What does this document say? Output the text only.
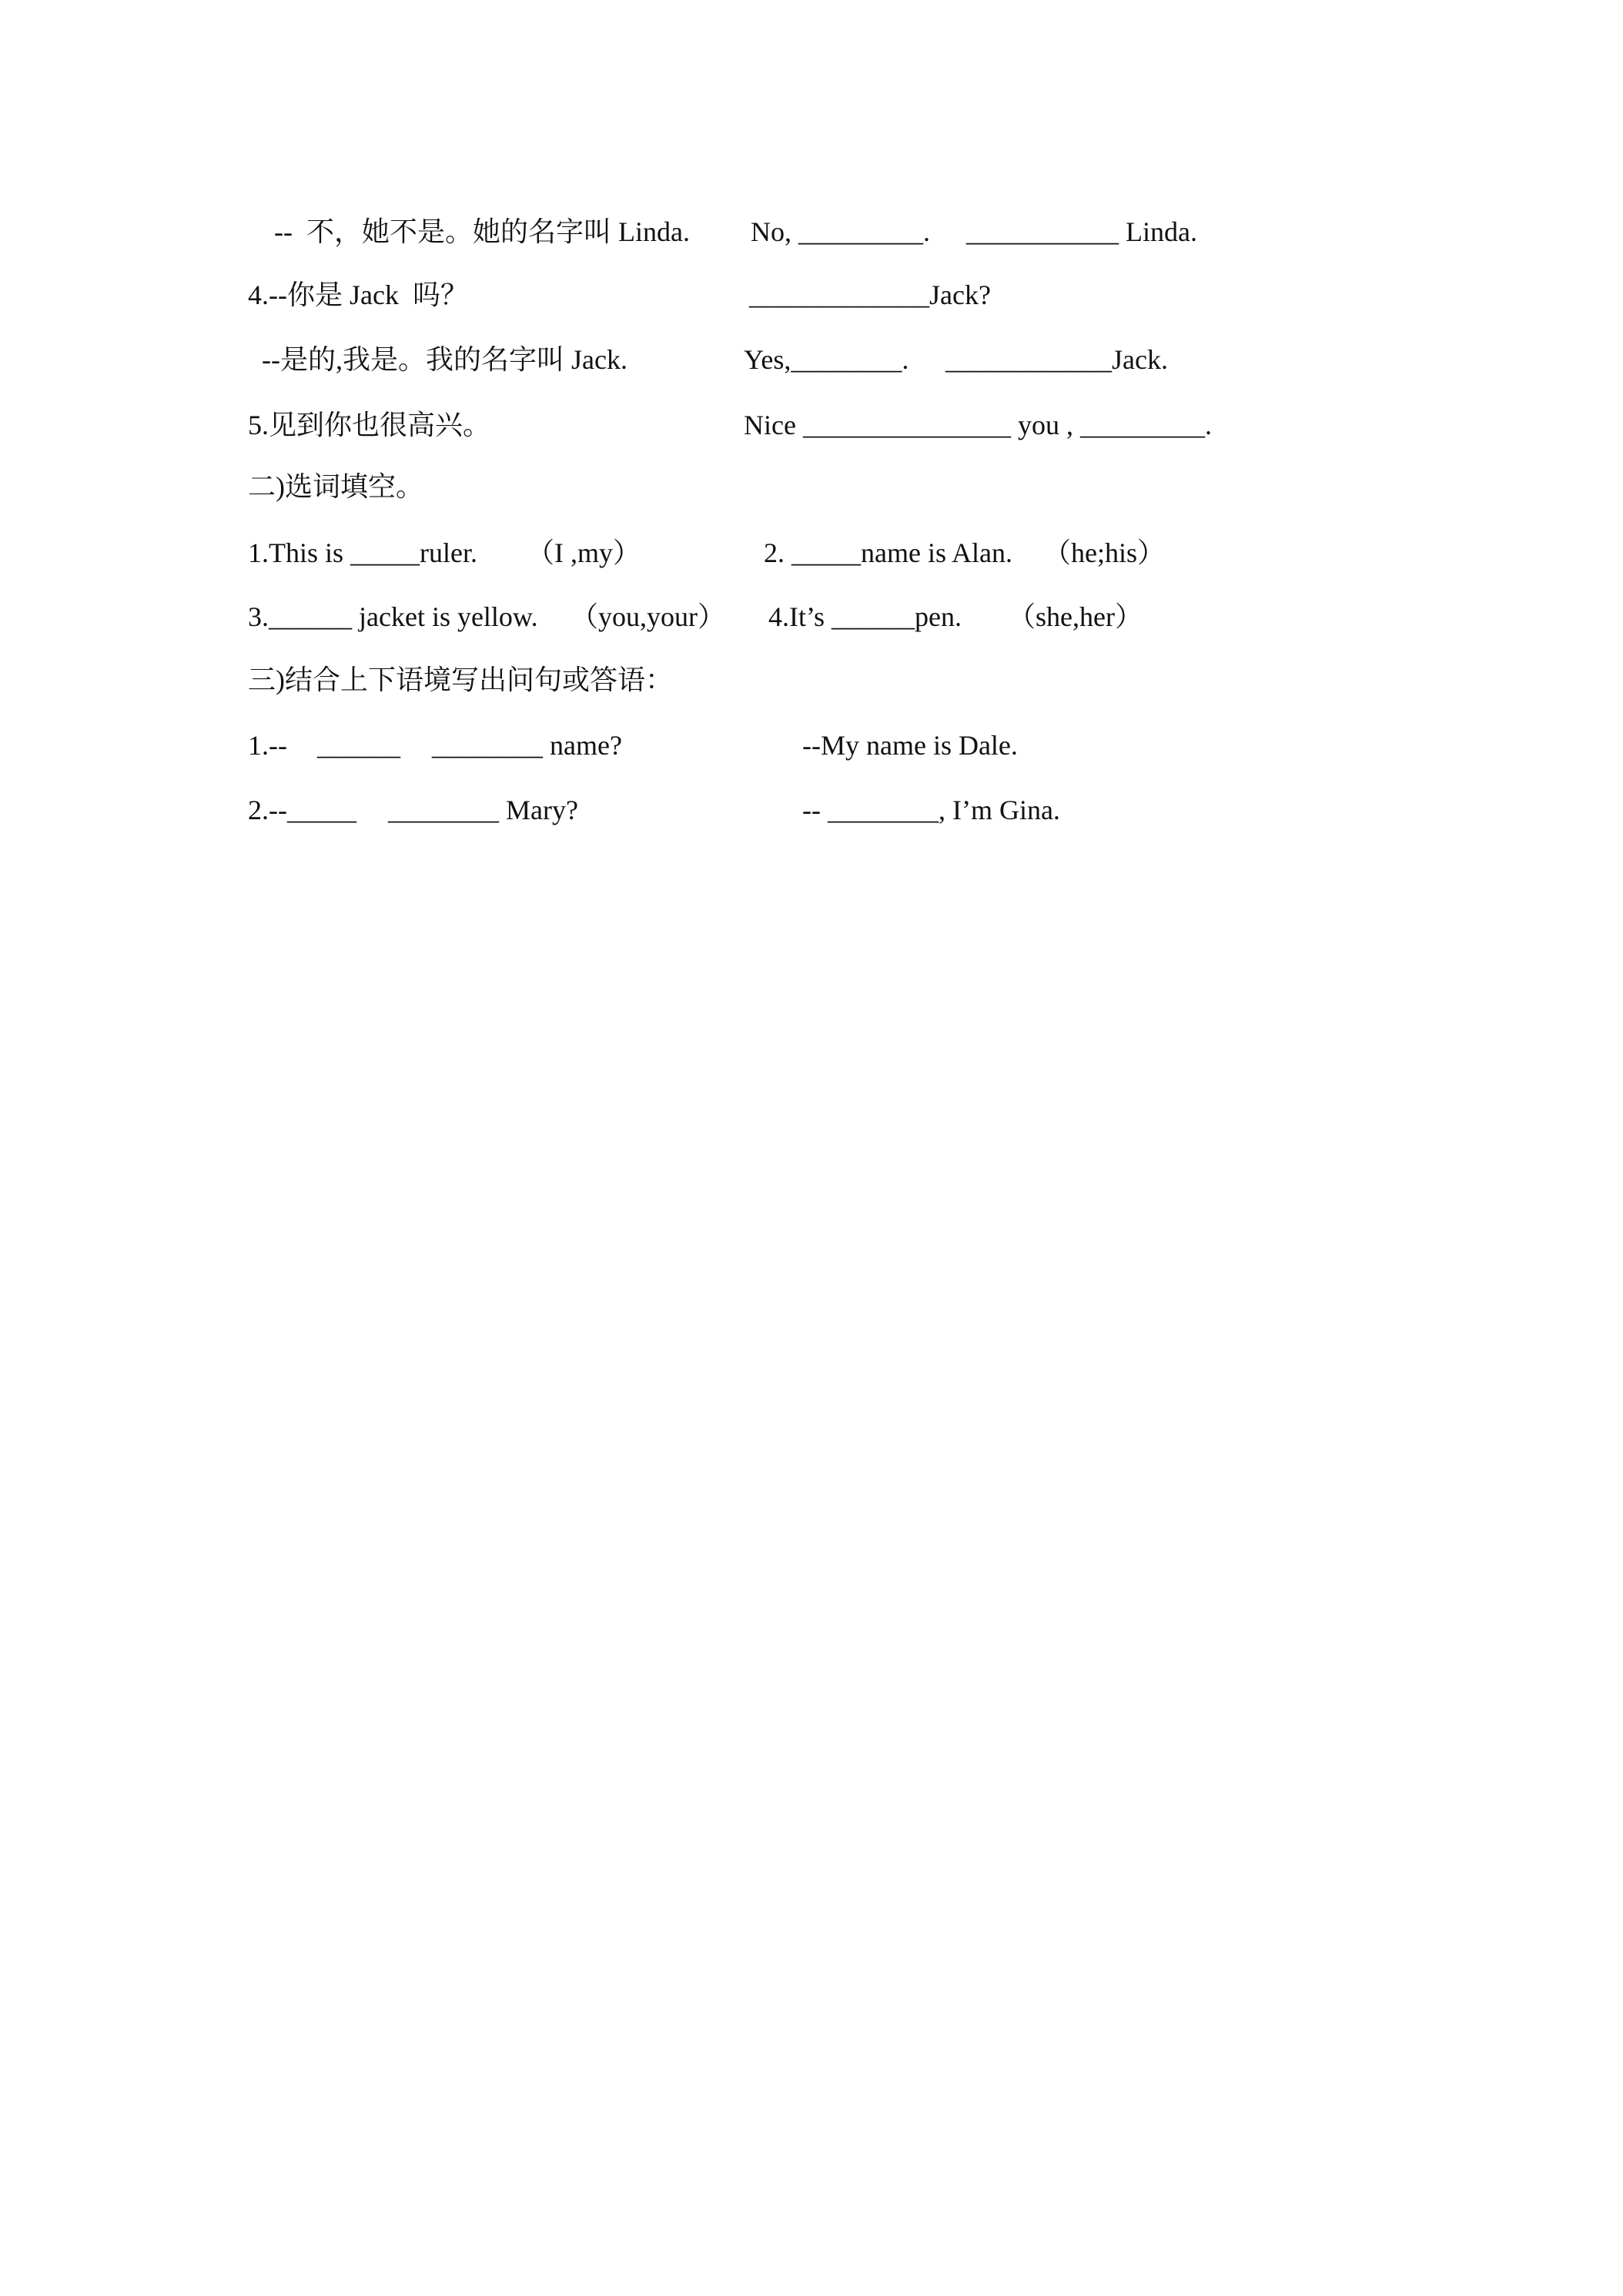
--  不，她不是。她的名字叫 Linda. No, _________. ___________ Linda.
4.--你是 Jack  吗？	_____________Jack?
--是的,我是。我的名字叫 Jack.	Yes,________. ____________Jack.
5.见到你也很高兴。	Nice _______________ you , _________.
二)选词填空。
1.This is _____ruler. （I ,my）	2. _____name is Alan. （he;his）
3.______ jacket is yellow. （you,your） 4.It’s ______pen. （she,her）
三)结合上下语境写出问句或答语：
1.-- ______ ________ name?	--My name is Dale.
2.--_____ ________ Mary?	-- ________, I’m Gina.
